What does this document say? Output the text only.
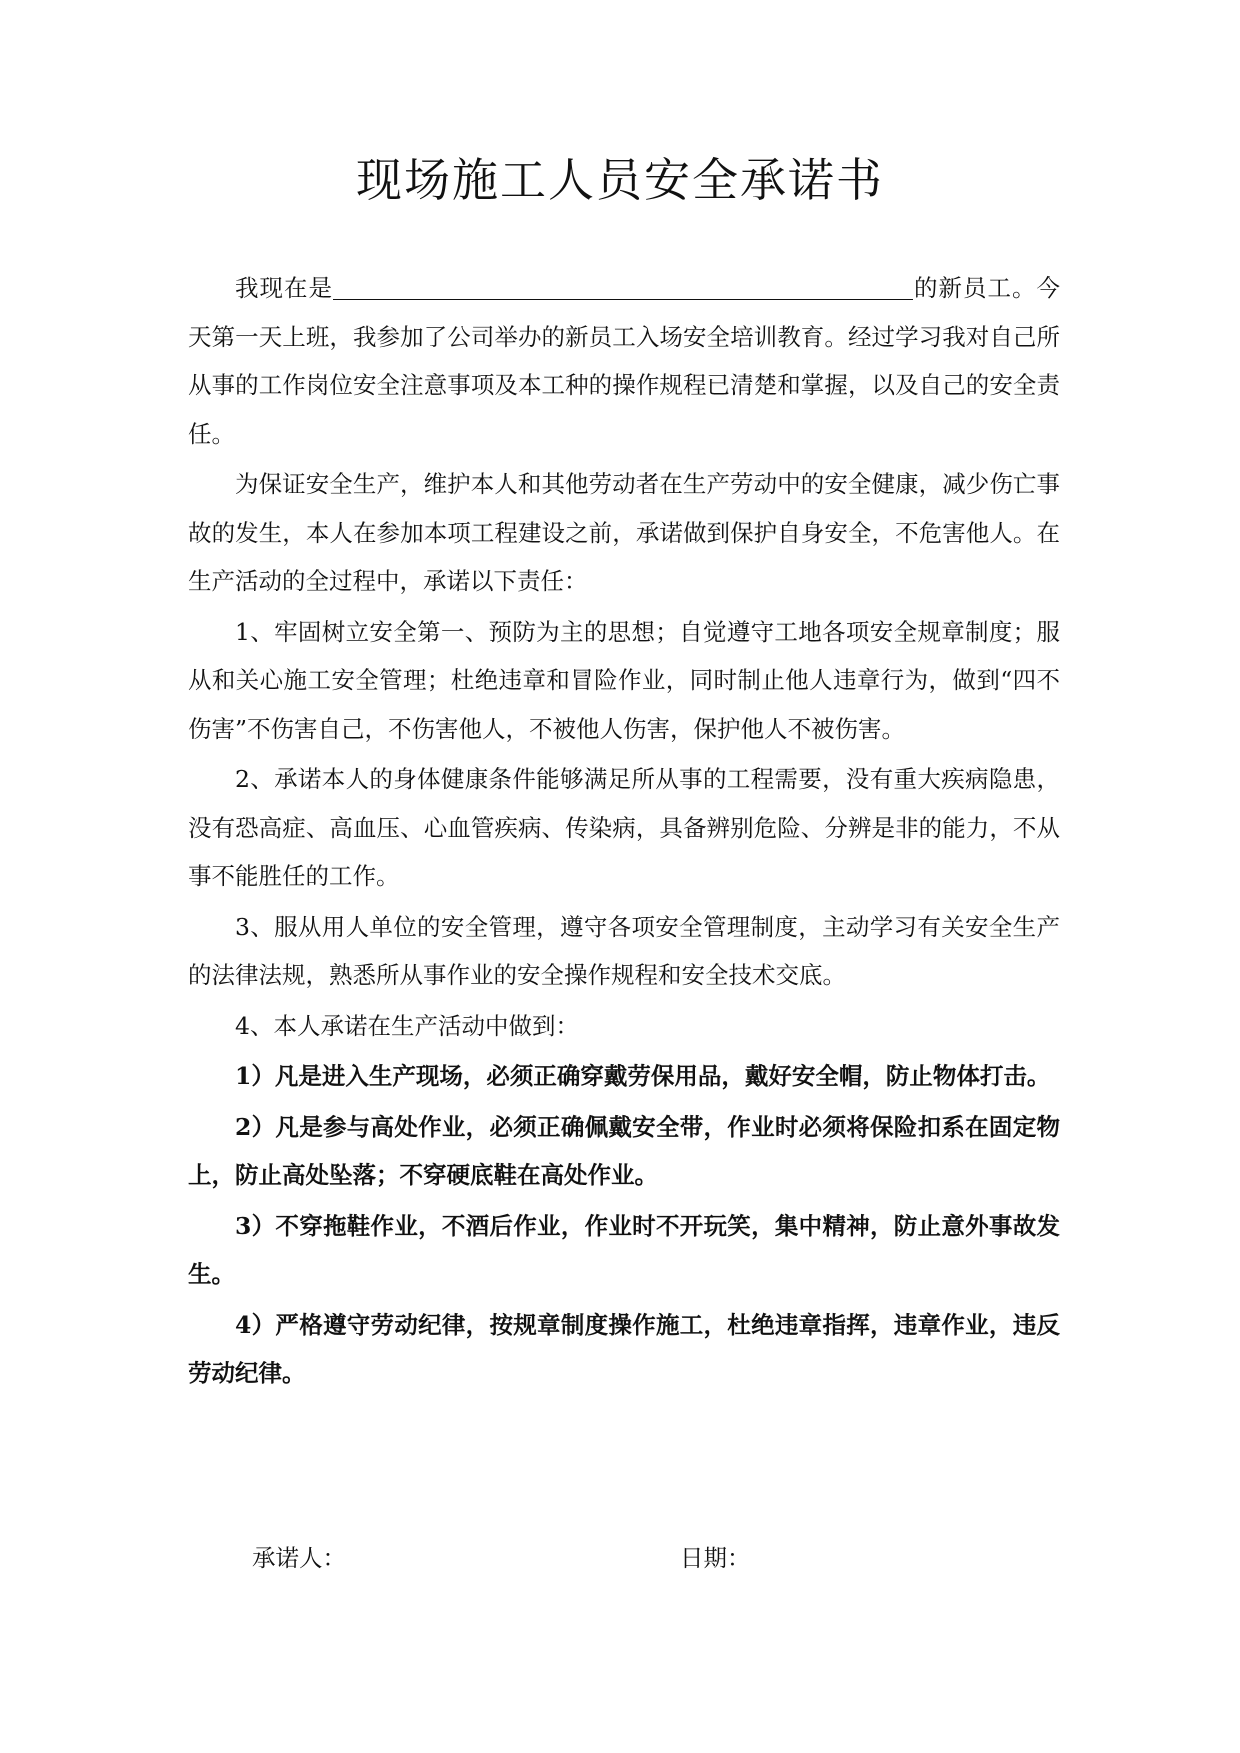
现场施工人员安全承诺书

我现在是	的新员工。今天第一天上班，我参加了公司举办的新员工入场安全培训教育。经过学习我对自己所从事的工作岗位安全注意事项及本工种的操作规程已清楚和掌握，以及自己的安全责任。

为保证安全生产，维护本人和其他劳动者在生产劳动中的安全健康，减少伤亡事故的发生，本人在参加本项工程建设之前，承诺做到保护自身安全，不危害他人。在生产活动的全过程中，承诺以下责任：

1、牢固树立安全第一、预防为主的思想；自觉遵守工地各项安全规章制度；服从和关心施工安全管理；杜绝违章和冒险作业，同时制止他人违章行为，做到“四不伤害”不伤害自己，不伤害他人，不被他人伤害，保护他人不被伤害。

2、承诺本人的身体健康条件能够满足所从事的工程需要，没有重大疾病隐患，没有恐高症、高血压、心血管疾病、传染病，具备辨别危险、分辨是非的能力，不从事不能胜任的工作。

3、服从用人单位的安全管理，遵守各项安全管理制度，主动学习有关安全生产的法律法规，熟悉所从事作业的安全操作规程和安全技术交底。

4、本人承诺在生产活动中做到：

1）凡是进入生产现场，必须正确穿戴劳保用品，戴好安全帽，防止物体打击。

2）凡是参与高处作业，必须正确佩戴安全带，作业时必须将保险扣系在固定物上，防止高处坠落；不穿硬底鞋在高处作业。

3）不穿拖鞋作业，不酒后作业，作业时不开玩笑，集中精神，防止意外事故发生。

4）严格遵守劳动纪律，按规章制度操作施工，杜绝违章指挥，违章作业，违反劳动纪律。

承诺人：	日期：
